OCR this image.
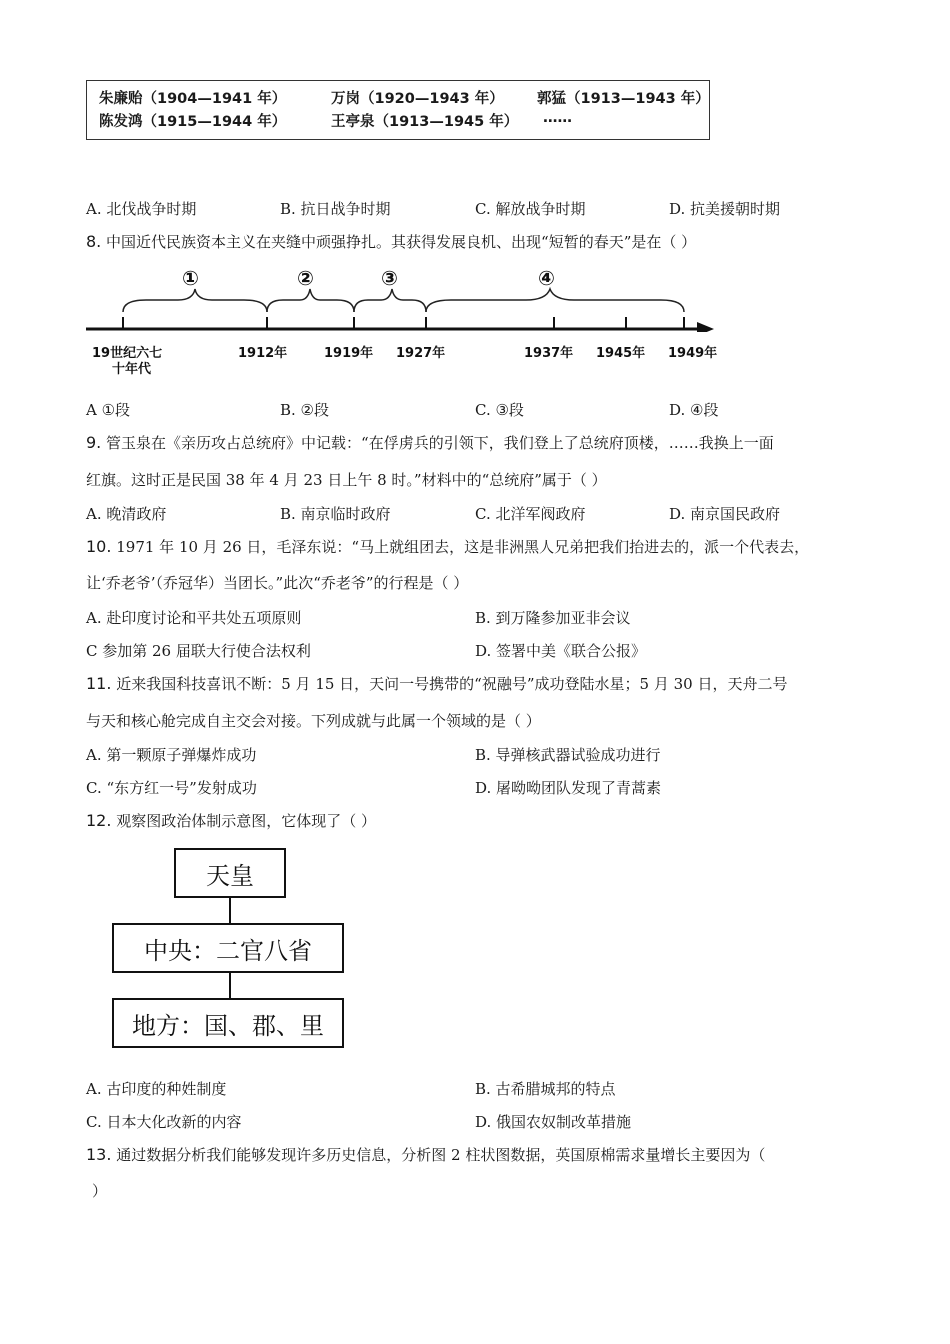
朱廉贻（1904—1941 年）	万岗（1920—1943 年） 郭猛（1913—1943 年）
陈发鸿（1915—1944 年）	王亭泉（1913—1945 年） ……
A. 北伐战争时期	B. 抗日战争时期	C. 解放战争时期	D. 抗美援朝时期
8. 中国近代民族资本主义在夹缝中顽强挣扎。其获得发展良机、出现“短暂的春天”是在（ ）
①	②	③	④
19世纪六七
十年代
1912年	1919年 1927年	1937年 1945年 1949年
A ①段	B. ②段	C. ③段	D. ④段
9. 管玉泉在《亲历攻占总统府》中记载：“在俘虏兵的引领下，我们登上了总统府顶楼，……我换上一面
红旗。这时正是民国 38 年 4 月 23 日上午 8 时。”材料中的“总统府”属于（ ）
A. 晚清政府	B. 南京临时政府	C. 北洋军阀政府	D. 南京国民政府
10. 1971 年 10 月 26 日，毛泽东说：“马上就组团去，这是非洲黑人兄弟把我们抬进去的，派一个代表去，
让‘乔老爷’（乔冠华）当团长。”此次“乔老爷”的行程是（ ）
A. 赴印度讨论和平共处五项原则	B. 到万隆参加亚非会议
C 参加第 26 届联大行使合法权利	D. 签署中美《联合公报》
11. 近来我国科技喜讯不断：5 月 15 日，天问一号携带的“祝融号”成功登陆水星；5 月 30 日，天舟二号
与天和核心舱完成自主交会对接。下列成就与此属一个领域的是（ ）
A. 第一颗原子弹爆炸成功	B. 导弹核武器试验成功进行
C. “东方红一号”发射成功	D. 屠呦呦团队发现了青蒿素
12. 观察图政治体制示意图，它体现了（ ）
天皇
中央：二官八省
地方：国、郡、里
A. 古印度的种姓制度	B. 古希腊城邦的特点
C. 日本大化改新的内容	D. 俄国农奴制改革措施
13. 通过数据分析我们能够发现许多历史信息，分析图 2 柱状图数据，英国原棉需求量增长主要因为（
）
